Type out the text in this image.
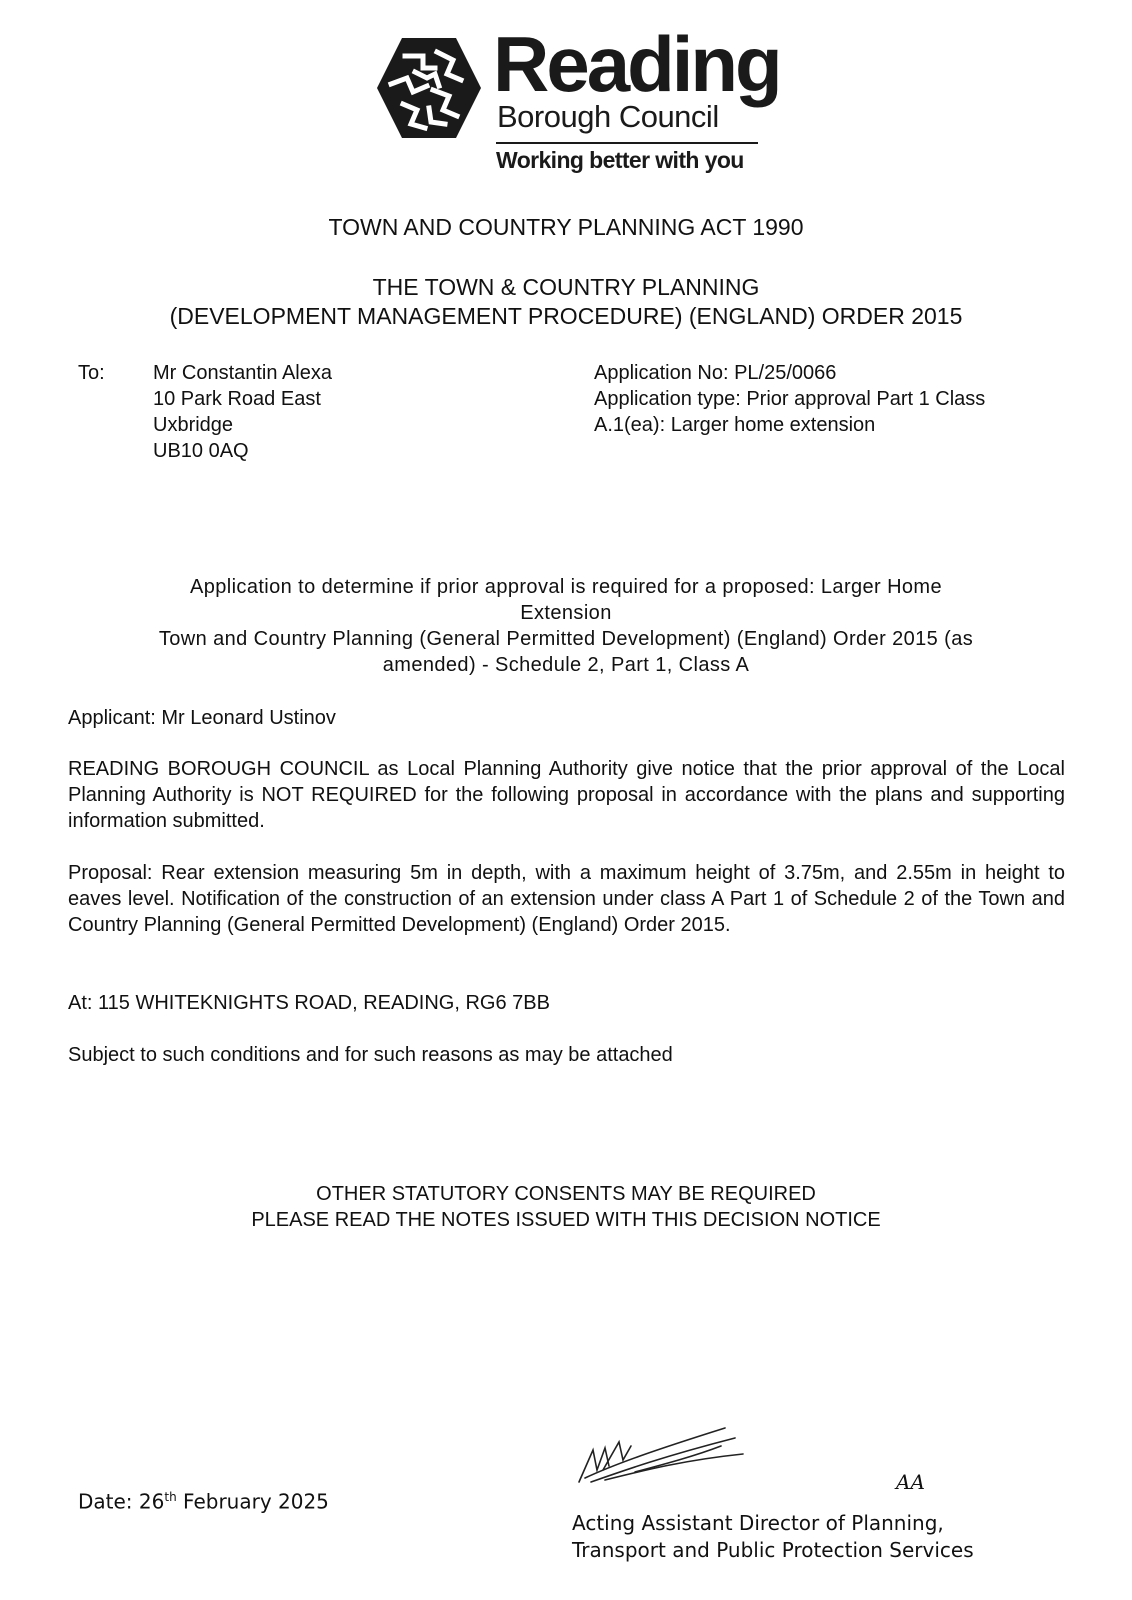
Reading
Borough Council
Working better with you
TOWN AND COUNTRY PLANNING ACT 1990
THE TOWN & COUNTRY PLANNING
(DEVELOPMENT MANAGEMENT PROCEDURE) (ENGLAND) ORDER 2015
To: Mr Constantin Alexa
10 Park Road East
Uxbridge
UB10 0AQ
Application No: PL/25/0066
Application type: Prior approval Part 1 Class
A.1(ea): Larger home extension
Application to determine if prior approval is required for a proposed: Larger Home
Extension
Town and Country Planning (General Permitted Development) (England) Order 2015 (as
amended) - Schedule 2, Part 1, Class A
Applicant: Mr Leonard Ustinov
READING BOROUGH COUNCIL as Local Planning Authority give notice that the prior approval of the Local Planning Authority is NOT REQUIRED for the following proposal in accordance with the plans and supporting information submitted.
Proposal: Rear extension measuring 5m in depth, with a maximum height of 3.75m, and 2.55m in height to eaves level. Notification of the construction of an extension under class A Part 1 of Schedule 2 of the Town and Country Planning (General Permitted Development) (England) Order 2015.
At: 115 WHITEKNIGHTS ROAD, READING, RG6 7BB
Subject to such conditions and for such reasons as may be attached
OTHER STATUTORY CONSENTS MAY BE REQUIRED
PLEASE READ THE NOTES ISSUED WITH THIS DECISION NOTICE
AA
Date: 26th February 2025
Acting Assistant Director of Planning,
Transport and Public Protection Services
